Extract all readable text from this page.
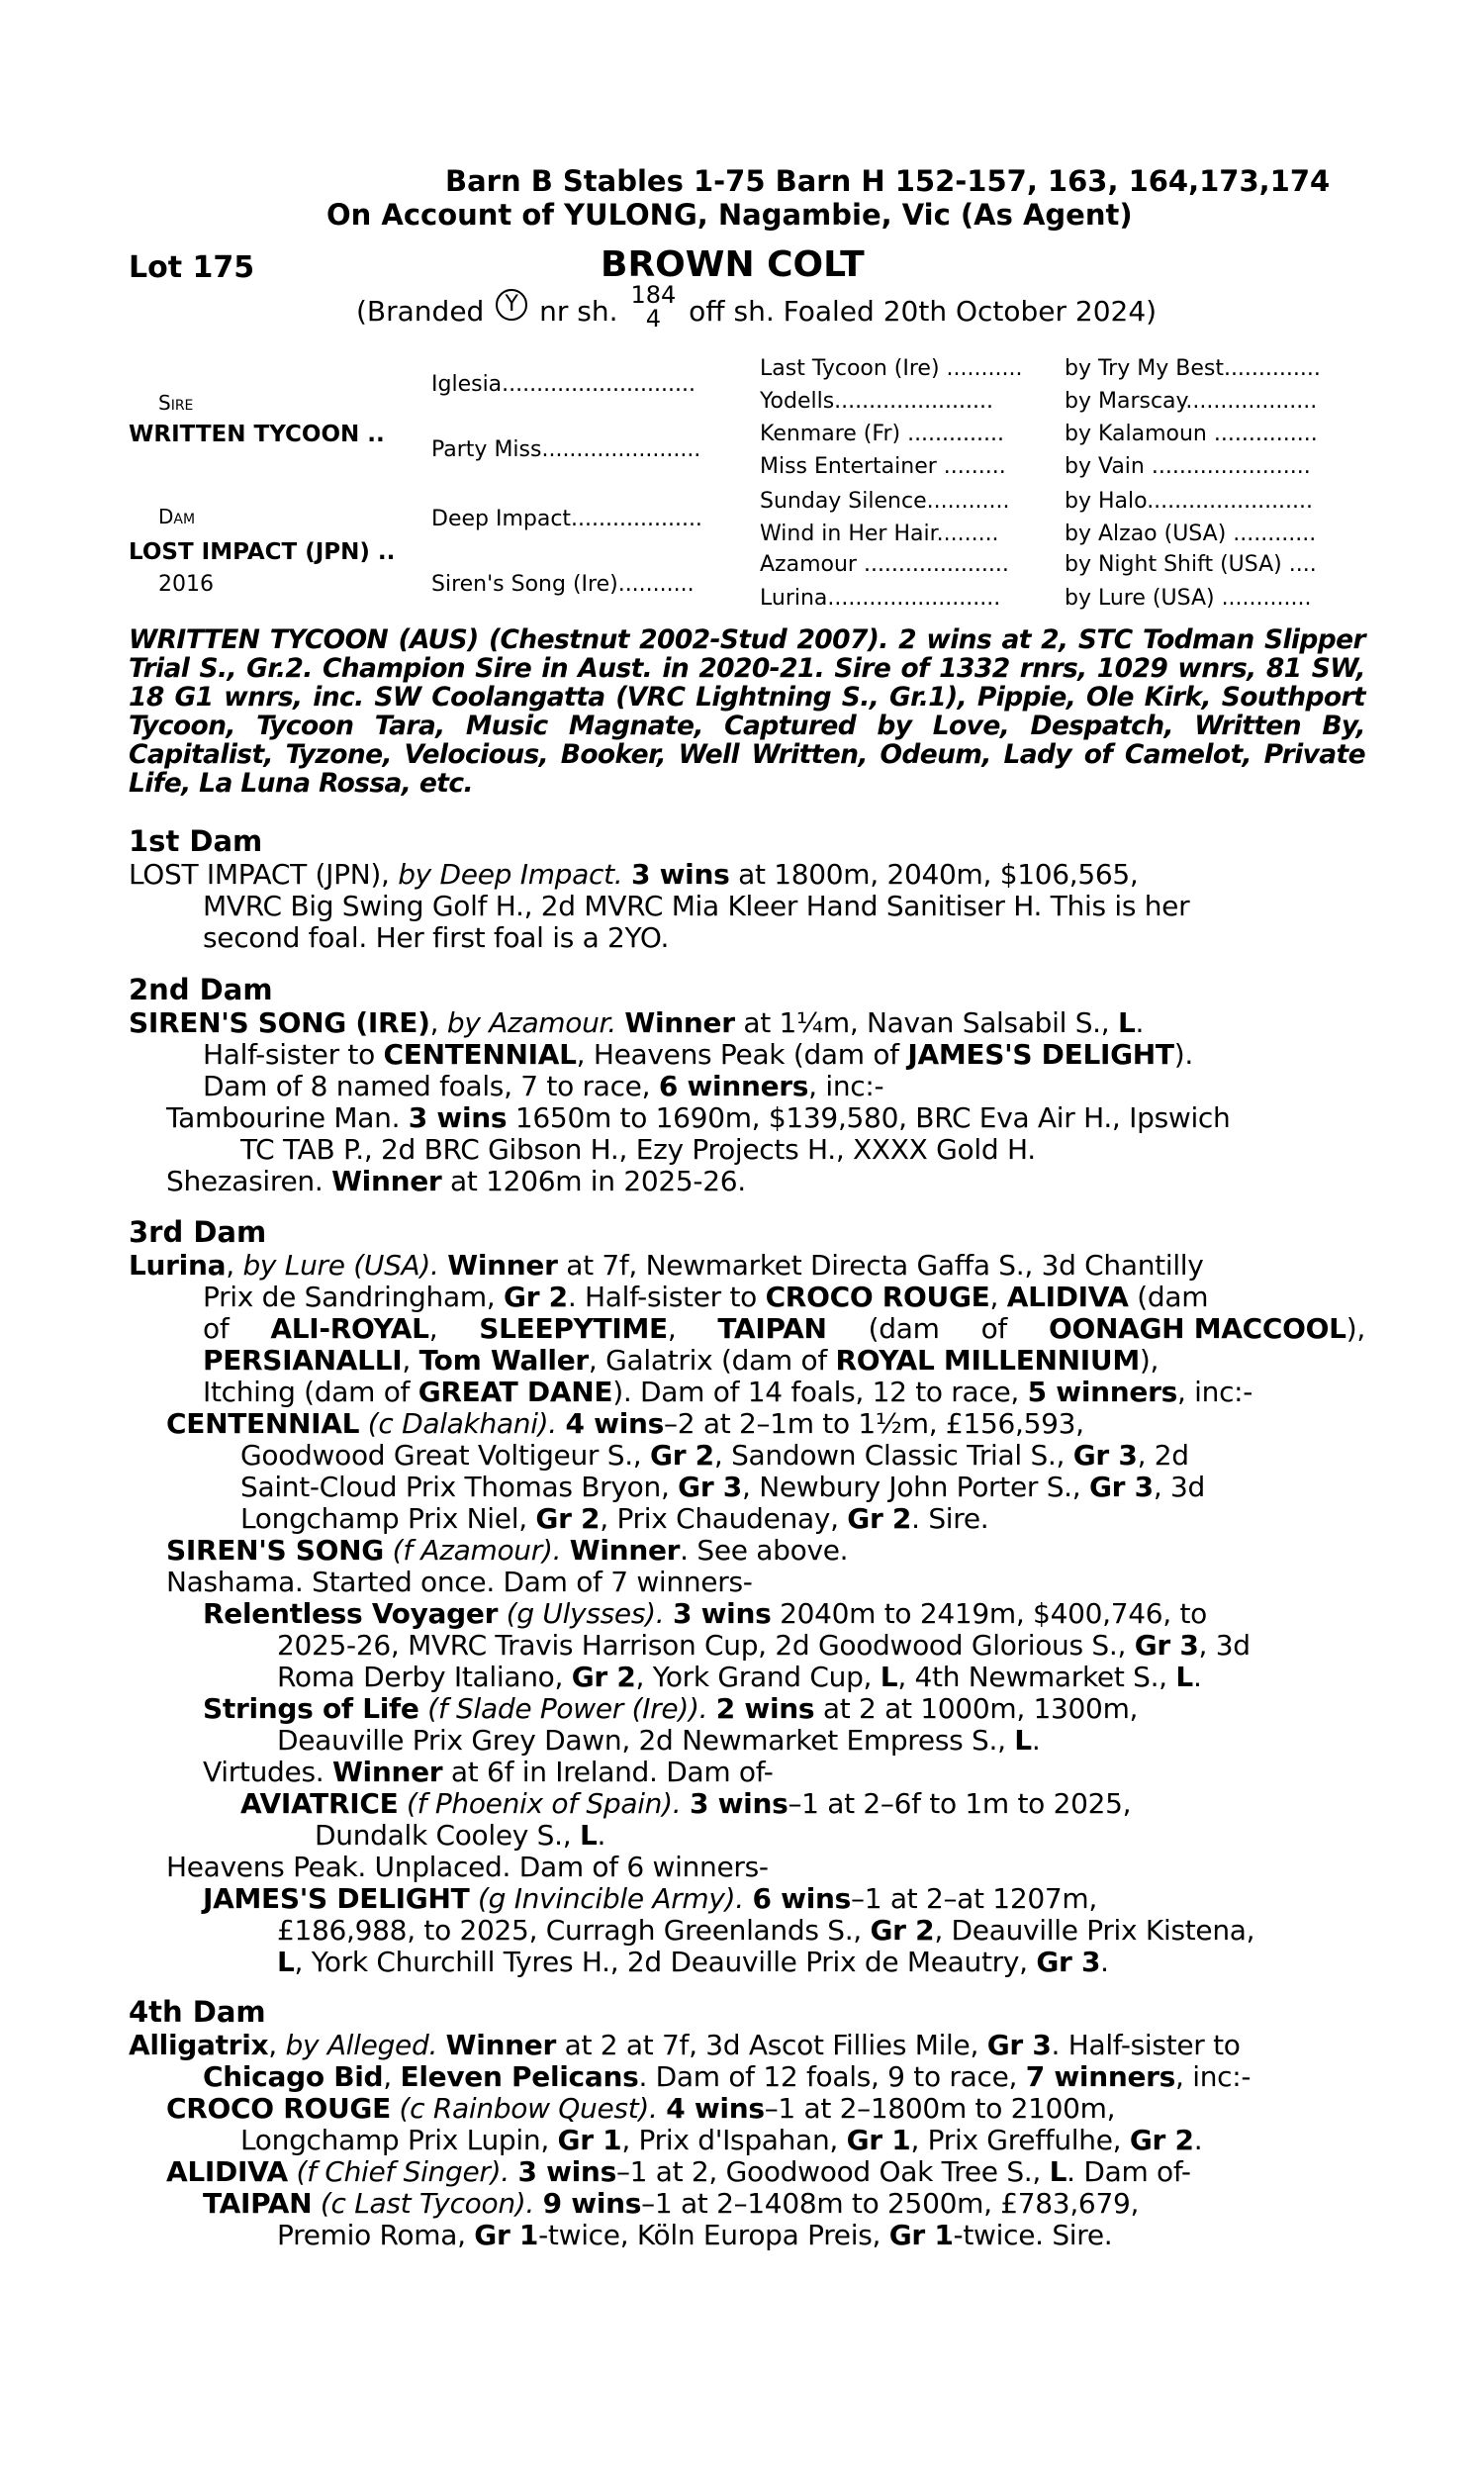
Barn B Stables 1-75 Barn H 152-157, 163, 164,173,174
On Account of YULONG, Nagambie, Vic (As Agent)
Lot 175	BROWN COLT
(Branded Y nr sh. 184
4 off sh. Foaled 20th October 2024)
Sire
WRITTEN TYCOON ..
Dam
LOST IMPACT (JPN) ..
2016
Iglesia............................
Party Miss.......................
Deep Impact...................
Siren's Song (Ire)...........
Last Tycoon (Ire) ...........
Yodells.......................
Kenmare (Fr) ..............
Miss Entertainer .........
Sunday Silence............
Wind in Her Hair.........
Azamour .....................
Lurina.........................
by Try My Best..............
by Marscay...................
by Kalamoun ...............
by Vain .......................
by Halo........................
by Alzao (USA) ............
by Night Shift (USA) ....
by Lure (USA) .............
WRITTEN TYCOON (AUS) (Chestnut 2002-Stud 2007). 2 wins at 2, STC Todman Slipper Trial S., Gr.2. Champion Sire in Aust. in 2020-21. Sire of 1332 rnrs, 1029 wnrs, 81 SW, 18 G1 wnrs, inc. SW Coolangatta (VRC Lightning S., Gr.1), Pippie, Ole Kirk, Southport Tycoon, Tycoon Tara, Music Magnate, Captured by Love, Despatch, Written By, Capitalist, Tyzone, Velocious, Booker, Well Written, Odeum, Lady of Camelot, Private Life, La Luna Rossa, etc.
1st Dam
LOST IMPACT (JPN), by Deep Impact. 3 wins at 1800m, 2040m, $106,565,
MVRC Big Swing Golf H., 2d MVRC Mia Kleer Hand Sanitiser H. This is her
second foal. Her first foal is a 2YO.
2nd Dam
SIREN'S SONG (IRE), by Azamour. Winner at 1¼m, Navan Salsabil S., L.
Half-sister to CENTENNIAL, Heavens Peak (dam of JAMES'S DELIGHT).
Dam of 8 named foals, 7 to race, 6 winners, inc:-
Tambourine Man. 3 wins 1650m to 1690m, $139,580, BRC Eva Air H., Ipswich
TC TAB P., 2d BRC Gibson H., Ezy Projects H., XXXX Gold H.
Shezasiren. Winner at 1206m in 2025-26.
3rd Dam
Lurina, by Lure (USA). Winner at 7f, Newmarket Directa Gaffa S., 3d Chantilly
Prix de Sandringham, Gr 2. Half-sister to CROCO ROUGE, ALIDIVA (dam
of ALI-ROYAL, SLEEPYTIME, TAIPAN (dam of OONAGH MACCOOL),
PERSIANALLI, Tom Waller, Galatrix (dam of ROYAL MILLENNIUM),
Itching (dam of GREAT DANE). Dam of 14 foals, 12 to race, 5 winners, inc:-
CENTENNIAL (c Dalakhani). 4 wins–2 at 2–1m to 1½m, £156,593,
Goodwood Great Voltigeur S., Gr 2, Sandown Classic Trial S., Gr 3, 2d
Saint-Cloud Prix Thomas Bryon, Gr 3, Newbury John Porter S., Gr 3, 3d
Longchamp Prix Niel, Gr 2, Prix Chaudenay, Gr 2. Sire.
SIREN'S SONG (f Azamour). Winner. See above.
Nashama. Started once. Dam of 7 winners-
Relentless Voyager (g Ulysses). 3 wins 2040m to 2419m, $400,746, to
2025-26, MVRC Travis Harrison Cup, 2d Goodwood Glorious S., Gr 3, 3d
Roma Derby Italiano, Gr 2, York Grand Cup, L, 4th Newmarket S., L.
Strings of Life (f Slade Power (Ire)). 2 wins at 2 at 1000m, 1300m,
Deauville Prix Grey Dawn, 2d Newmarket Empress S., L.
Virtudes. Winner at 6f in Ireland. Dam of-
AVIATRICE (f Phoenix of Spain). 3 wins–1 at 2–6f to 1m to 2025,
Dundalk Cooley S., L.
Heavens Peak. Unplaced. Dam of 6 winners-
JAMES'S DELIGHT (g Invincible Army). 6 wins–1 at 2–at 1207m,
£186,988, to 2025, Curragh Greenlands S., Gr 2, Deauville Prix Kistena,
L, York Churchill Tyres H., 2d Deauville Prix de Meautry, Gr 3.
4th Dam
Alligatrix, by Alleged. Winner at 2 at 7f, 3d Ascot Fillies Mile, Gr 3. Half-sister to
Chicago Bid, Eleven Pelicans. Dam of 12 foals, 9 to race, 7 winners, inc:-
CROCO ROUGE (c Rainbow Quest). 4 wins–1 at 2–1800m to 2100m,
Longchamp Prix Lupin, Gr 1, Prix d'Ispahan, Gr 1, Prix Greffulhe, Gr 2.
ALIDIVA (f Chief Singer). 3 wins–1 at 2, Goodwood Oak Tree S., L. Dam of-
TAIPAN (c Last Tycoon). 9 wins–1 at 2–1408m to 2500m, £783,679,
Premio Roma, Gr 1-twice, Köln Europa Preis, Gr 1-twice. Sire.
